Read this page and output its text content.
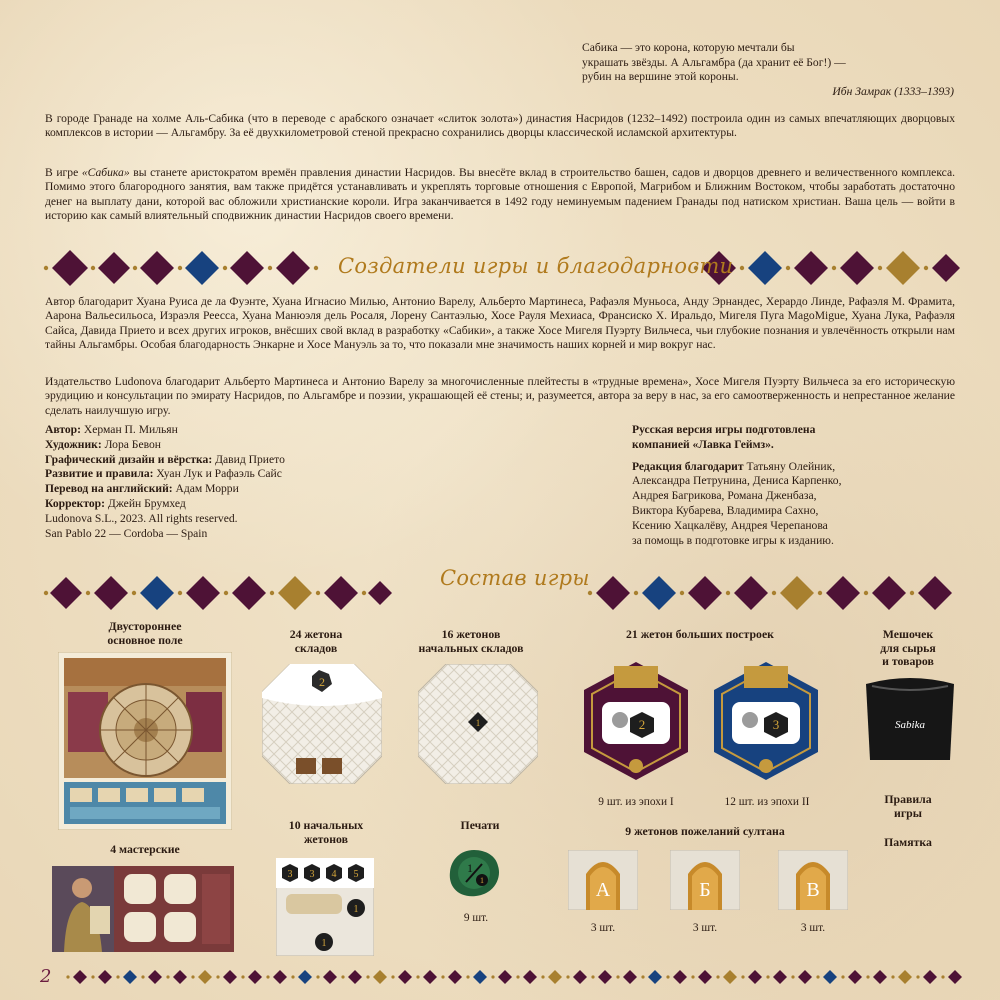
Сабика — это корона, которую мечтали бы
украшать звёзды. А Альгамбра (да хранит её Бог!) —
рубин на вершине этой короны.
Ибн Замрак (1333–1393)
В городе Гранаде на холме Аль-Сабика (что в переводе с арабского означает «слиток золота») династия Насридов (1232–1492) построила один из самых впечатляющих дворцовых комплексов в истории — Альгамбру. За её двухкилометровой стеной прекрасно сохранились дворцы классической исламской архитектуры.
В игре «Сабика» вы станете аристократом времён правления династии Насридов. Вы внесёте вклад в строительство башен, садов и дворцов древнего и величественного комплекса. Помимо этого благородного занятия, вам также придётся устанавливать и укреплять торговые отношения с Европой, Магрибом и Ближним Востоком, чтобы заработать достаточно денег на выплату дани, которой вас обложили христианские короли. Игра заканчивается в 1492 году неминуемым падением Гранады под натиском христиан. Ваша цель — войти в историю как самый влиятельный сподвижник династии Насридов своего времени.
Создатели игры и благодарности
Автор благодарит Хуана Руиса де ла Фуэнте, Хуана Игнасио Милью, Антонио Варелу, Альберто Мартинеса, Рафаэля Муньоса, Анду Эрнандес, Херардо Линде, Рафаэля М. Фрамита, Аарона Вальесильоса, Израэля Реесса, Хуана Манюэля дель Росаля, Лорену Сантаэлью, Хосе Рауля Мехиаса, Франсиско Х. Иральдо, Мигеля Пуга MagoMigue, Хуана Лука, Рафаэля Сайса, Давида Прието и всех других игроков, внёсших свой вклад в разработку «Сабики», а также Хосе Мигеля Пуэрту Вильчеса, чьи глубокие познания и увлечённость открыли нам тайны Альгамбры. Особая благодарность Энкарне и Хосе Мануэль за то, что показали мне значимость наших корней и мир вокруг нас.
Издательство Ludonova благодарит Альберто Мартинеса и Антонио Варелу за многочисленные плейтесты в «трудные времена», Хосе Мигеля Пуэрту Вильчеса за его историческую эрудицию и консультации по эмирату Насридов, по Альгамбре и поэзии, украшающей её стены; и, разумеется, автора за веру в нас, за его самоотверженность и непрестанное желание сделать наилучшую игру.
Автор: Херман П. Мильян
Художник: Лора Бевон
Графический дизайн и вёрстка: Давид Прието
Развитие и правила: Хуан Лук и Рафаэль Сайс
Перевод на английский: Адам Морри
Корректор: Джейн Брумхед
Ludonova S.L., 2023. All rights reserved.
San Pablo 22 — Cordoba — Spain
Русская версия игры подготовлена
компанией «Лавка Геймз».
Редакция благодарит Татьяну Олейник,
Александра Петрунина, Дениса Карпенко,
Андрея Багрикова, Романа Дженбаза,
Виктора Кубарева, Владимира Сахно,
Ксению Хацкалёву, Андрея Черепанова
за помощь в подготовке игры к изданию.
Состав игры
Двустороннее
основное поле
4 мастерские
24 жетона
складов
2
16 жетонов
начальных складов
1
21 жетон больших построек
2
9 шт. из эпохи I
3
12 шт. из эпохи II
Мешочек
для сырья
и товаров
Sabika
Правила
игры
Памятка
10 начальных
жетонов
3 3 4 5
1
1
Печати
1
1
9 шт.
9 жетонов пожеланий султана
А
3 шт.
Б
3 шт.
В
3 шт.
2
